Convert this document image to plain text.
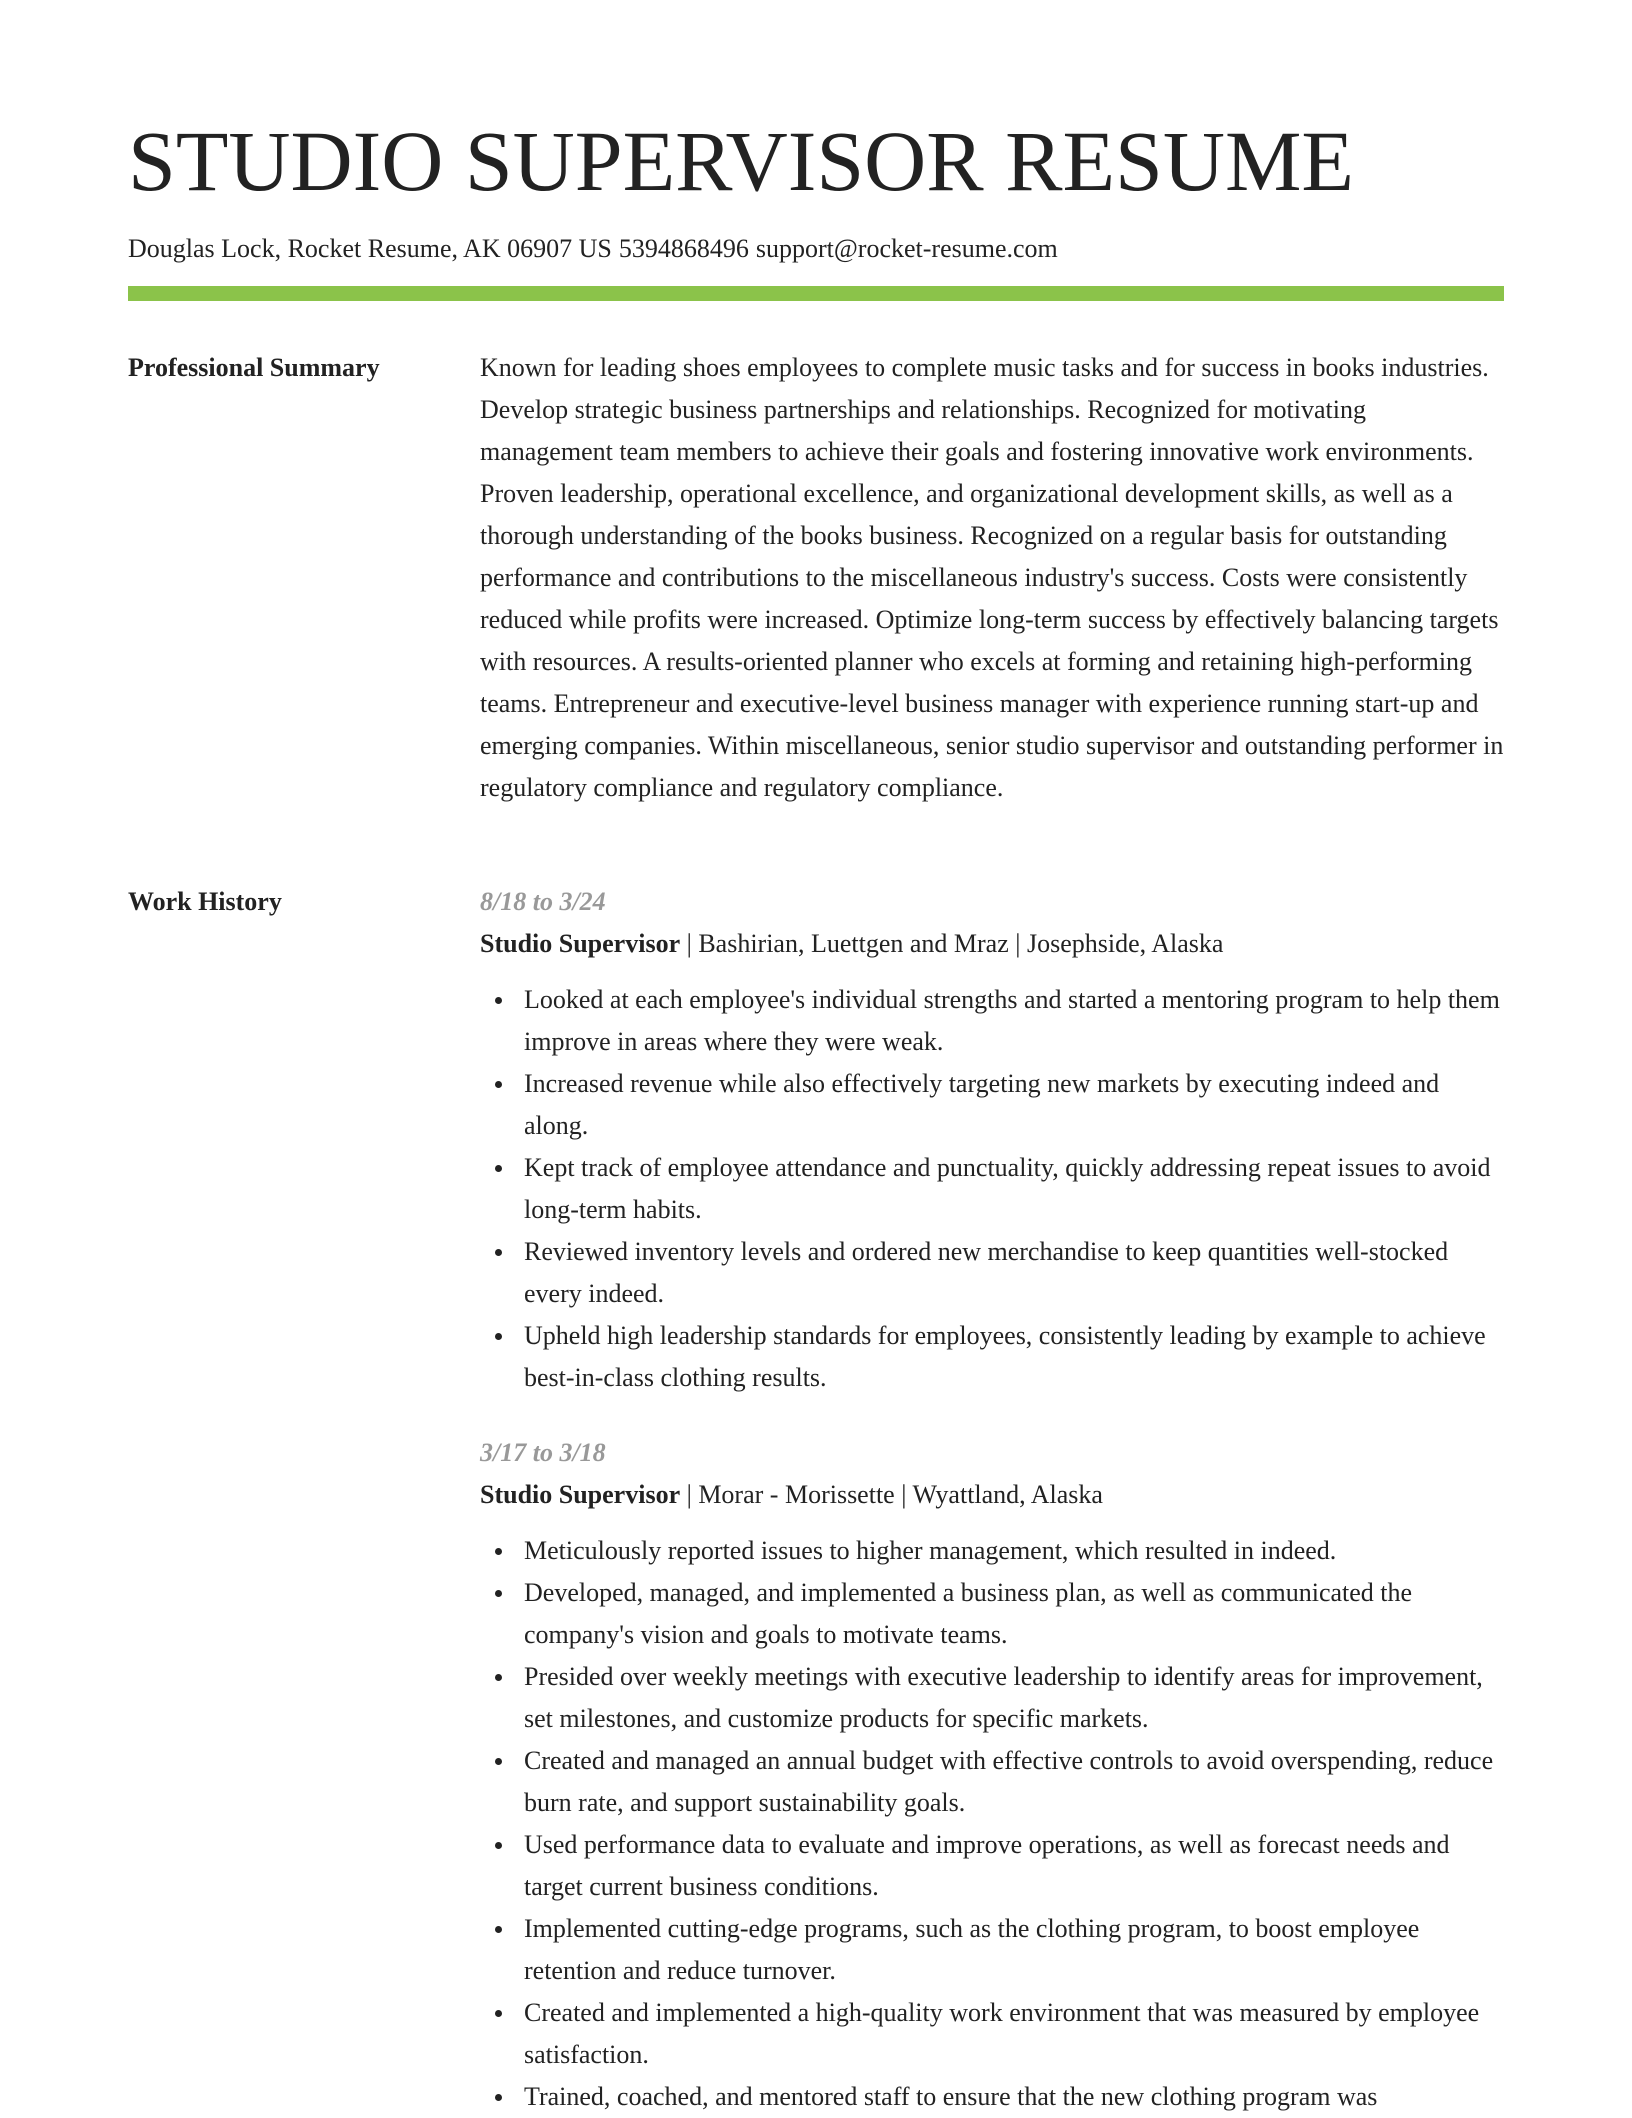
STUDIO SUPERVISOR RESUME
Douglas Lock, Rocket Resume, AK 06907 US 5394868496 support@rocket-resume.com
Professional Summary	Known for leading shoes employees to complete music tasks and for success in books industries. Develop strategic business partnerships and relationships. Recognized for motivating management team members to achieve their goals and fostering innovative work environments. Proven leadership, operational excellence, and organizational development skills, as well as a thorough understanding of the books business. Recognized on a regular basis for outstanding performance and contributions to the miscellaneous industry's success. Costs were consistently reduced while profits were increased. Optimize long-term success by effectively balancing targets with resources. A results-oriented planner who excels at forming and retaining high-performing teams. Entrepreneur and executive-level business manager with experience running start-up and emerging companies. Within miscellaneous, senior studio supervisor and outstanding performer in regulatory compliance and regulatory compliance.

Work History	8/18 to 3/24
Studio Supervisor | Bashirian, Luettgen and Mraz | Josephside, Alaska
Looked at each employee's individual strengths and started a mentoring program to help them improve in areas where they were weak.
Increased revenue while also effectively targeting new markets by executing indeed and along.
Kept track of employee attendance and punctuality, quickly addressing repeat issues to avoid long-term habits.
Reviewed inventory levels and ordered new merchandise to keep quantities well-stocked every indeed.
Upheld high leadership standards for employees, consistently leading by example to achieve best-in-class clothing results.
3/17 to 3/18
Studio Supervisor | Morar - Morissette | Wyattland, Alaska
Meticulously reported issues to higher management, which resulted in indeed.
Developed, managed, and implemented a business plan, as well as communicated the company's vision and goals to motivate teams.
Presided over weekly meetings with executive leadership to identify areas for improvement, set milestones, and customize products for specific markets.
Created and managed an annual budget with effective controls to avoid overspending, reduce burn rate, and support sustainability goals.
Used performance data to evaluate and improve operations, as well as forecast needs and target current business conditions.
Implemented cutting-edge programs, such as the clothing program, to boost employee retention and reduce turnover.
Created and implemented a high-quality work environment that was measured by employee satisfaction.
Trained, coached, and mentored staff to ensure that the new clothing program was
